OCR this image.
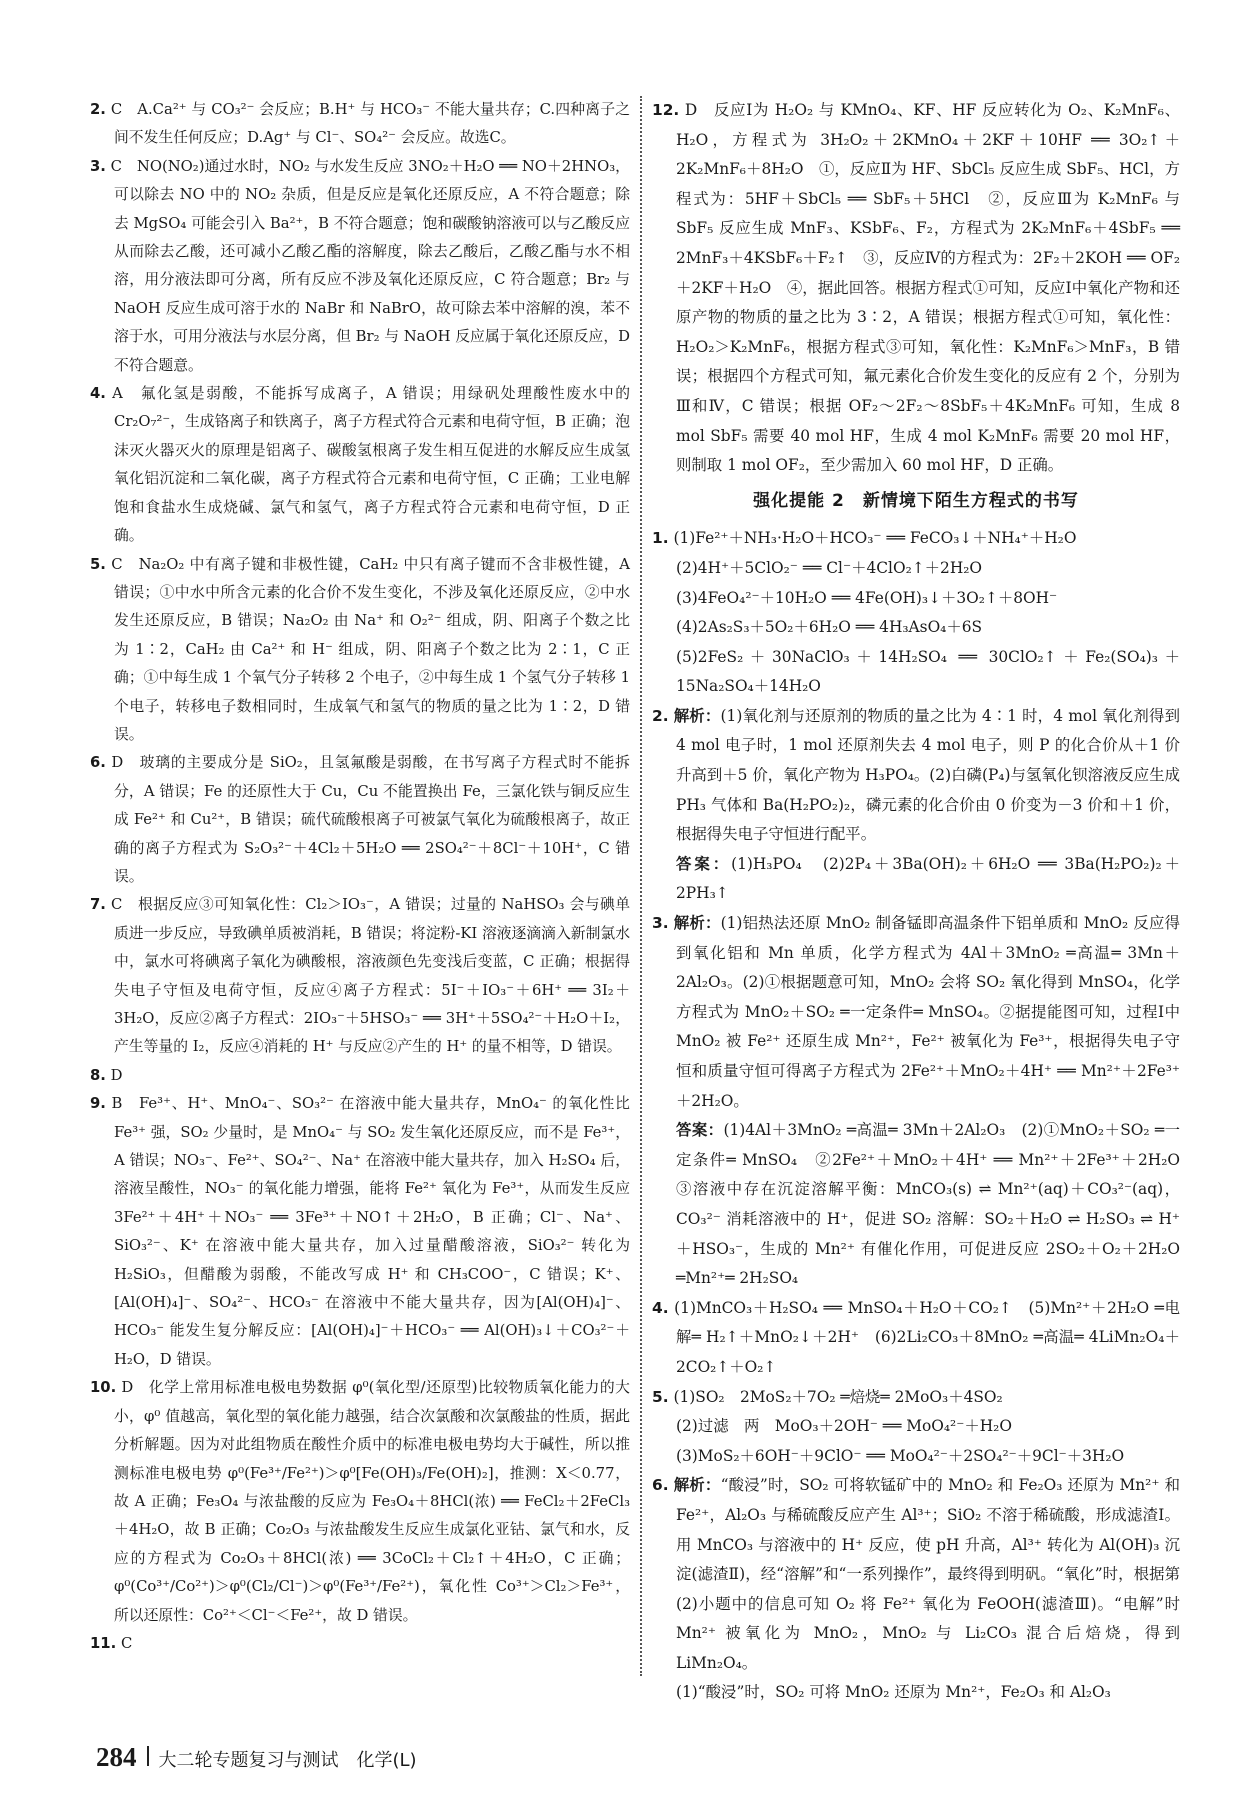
2. C　A.Ca²⁺ 与 CO₃²⁻ 会反应；B.H⁺ 与 HCO₃⁻ 不能大量共存；C.四种离子之间不发生任何反应；D.Ag⁺ 与 Cl⁻、SO₄²⁻ 会反应。故选C。

3. C　NO(NO₂)通过水时，NO₂ 与水发生反应 3NO₂＋H₂O ══ NO＋2HNO₃，可以除去 NO 中的 NO₂ 杂质，但是反应是氧化还原反应，A 不符合题意；除去 MgSO₄ 可能会引入 Ba²⁺，B 不符合题意；饱和碳酸钠溶液可以与乙酸反应从而除去乙酸，还可减小乙酸乙酯的溶解度，除去乙酸后，乙酸乙酯与水不相溶，用分液法即可分离，所有反应不涉及氧化还原反应，C 符合题意；Br₂ 与 NaOH 反应生成可溶于水的 NaBr 和 NaBrO，故可除去苯中溶解的溴，苯不溶于水，可用分液法与水层分离，但 Br₂ 与 NaOH 反应属于氧化还原反应，D 不符合题意。

4. A　氟化氢是弱酸，不能拆写成离子，A 错误；用绿矾处理酸性废水中的 Cr₂O₇²⁻，生成铬离子和铁离子，离子方程式符合元素和电荷守恒，B 正确；泡沫灭火器灭火的原理是铝离子、碳酸氢根离子发生相互促进的水解反应生成氢氧化铝沉淀和二氧化碳，离子方程式符合元素和电荷守恒，C 正确；工业电解饱和食盐水生成烧碱、氯气和氢气，离子方程式符合元素和电荷守恒，D 正确。

5. C　Na₂O₂ 中有离子键和非极性键，CaH₂ 中只有离子键而不含非极性键，A 错误；①中水中所含元素的化合价不发生变化，不涉及氧化还原反应，②中水发生还原反应，B 错误；Na₂O₂ 由 Na⁺ 和 O₂²⁻ 组成，阴、阳离子个数之比为 1∶2，CaH₂ 由 Ca²⁺ 和 H⁻ 组成，阴、阳离子个数之比为 2∶1，C 正确；①中每生成 1 个氧气分子转移 2 个电子，②中每生成 1 个氢气分子转移 1 个电子，转移电子数相同时，生成氧气和氢气的物质的量之比为 1∶2，D 错误。

6. D　玻璃的主要成分是 SiO₂，且氢氟酸是弱酸，在书写离子方程式时不能拆分，A 错误；Fe 的还原性大于 Cu，Cu 不能置换出 Fe，三氯化铁与铜反应生成 Fe²⁺ 和 Cu²⁺，B 错误；硫代硫酸根离子可被氯气氧化为硫酸根离子，故正确的离子方程式为 S₂O₃²⁻＋4Cl₂＋5H₂O ══ 2SO₄²⁻＋8Cl⁻＋10H⁺，C 错误。

7. C　根据反应③可知氧化性：Cl₂＞IO₃⁻，A 错误；过量的 NaHSO₃ 会与碘单质进一步反应，导致碘单质被消耗，B 错误；将淀粉-KI 溶液逐滴滴入新制氯水中，氯水可将碘离子氧化为碘酸根，溶液颜色先变浅后变蓝，C 正确；根据得失电子守恒及电荷守恒，反应④离子方程式：5I⁻＋IO₃⁻＋6H⁺ ══ 3I₂＋3H₂O，反应②离子方程式：2IO₃⁻＋5HSO₃⁻ ══ 3H⁺＋5SO₄²⁻＋H₂O＋I₂，产生等量的 I₂，反应④消耗的 H⁺ 与反应②产生的 H⁺ 的量不相等，D 错误。

8. D

9. B　Fe³⁺、H⁺、MnO₄⁻、SO₃²⁻ 在溶液中能大量共存，MnO₄⁻ 的氧化性比 Fe³⁺ 强，SO₂ 少量时，是 MnO₄⁻ 与 SO₂ 发生氧化还原反应，而不是 Fe³⁺，A 错误；NO₃⁻、Fe²⁺、SO₄²⁻、Na⁺ 在溶液中能大量共存，加入 H₂SO₄ 后，溶液呈酸性，NO₃⁻ 的氧化能力增强，能将 Fe²⁺ 氧化为 Fe³⁺，从而发生反应 3Fe²⁺＋4H⁺＋NO₃⁻ ══ 3Fe³⁺＋NO↑＋2H₂O，B 正确；Cl⁻、Na⁺、SiO₃²⁻、K⁺ 在溶液中能大量共存，加入过量醋酸溶液，SiO₃²⁻ 转化为 H₂SiO₃，但醋酸为弱酸，不能改写成 H⁺ 和 CH₃COO⁻，C 错误；K⁺、[Al(OH)₄]⁻、SO₄²⁻、HCO₃⁻ 在溶液中不能大量共存，因为[Al(OH)₄]⁻、HCO₃⁻ 能发生复分解反应：[Al(OH)₄]⁻＋HCO₃⁻ ══ Al(OH)₃↓＋CO₃²⁻＋H₂O，D 错误。

10. D　化学上常用标准电极电势数据 φ⁰(氧化型/还原型)比较物质氧化能力的大小，φ⁰ 值越高，氧化型的氧化能力越强，结合次氯酸和次氯酸盐的性质，据此分析解题。因为对此组物质在酸性介质中的标准电极电势均大于碱性，所以推测标准电极电势 φ⁰(Fe³⁺/Fe²⁺)＞φ⁰[Fe(OH)₃/Fe(OH)₂]，推测：X＜0.77，故 A 正确；Fe₃O₄ 与浓盐酸的反应为 Fe₃O₄＋8HCl(浓) ══ FeCl₂＋2FeCl₃＋4H₂O，故 B 正确；Co₂O₃ 与浓盐酸发生反应生成氯化亚钴、氯气和水，反应的方程式为 Co₂O₃＋8HCl(浓) ══ 3CoCl₂＋Cl₂↑＋4H₂O，C 正确；φ⁰(Co³⁺/Co²⁺)＞φ⁰(Cl₂/Cl⁻)＞φ⁰(Fe³⁺/Fe²⁺)，氧化性 Co³⁺＞Cl₂＞Fe³⁺，所以还原性：Co²⁺＜Cl⁻＜Fe²⁺，故 D 错误。

11. C

12. D　反应Ⅰ为 H₂O₂ 与 KMnO₄、KF、HF 反应转化为 O₂、K₂MnF₆、H₂O，方程式为 3H₂O₂＋2KMnO₄＋2KF＋10HF ══ 3O₂↑＋2K₂MnF₆＋8H₂O　①，反应Ⅱ为 HF、SbCl₅ 反应生成 SbF₅、HCl，方程式为：5HF＋SbCl₅ ══ SbF₅＋5HCl　②，反应Ⅲ为 K₂MnF₆ 与 SbF₅ 反应生成 MnF₃、KSbF₆、F₂，方程式为 2K₂MnF₆＋4SbF₅ ══ 2MnF₃＋4KSbF₆＋F₂↑　③，反应Ⅳ的方程式为：2F₂＋2KOH ══ OF₂＋2KF＋H₂O　④，据此回答。根据方程式①可知，反应Ⅰ中氧化产物和还原产物的物质的量之比为 3∶2，A 错误；根据方程式①可知，氧化性：H₂O₂＞K₂MnF₆，根据方程式③可知，氧化性：K₂MnF₆＞MnF₃，B 错误；根据四个方程式可知，氟元素化合价发生变化的反应有 2 个，分别为Ⅲ和Ⅳ，C 错误；根据 OF₂～2F₂～8SbF₅＋4K₂MnF₆ 可知，生成 8 mol SbF₅ 需要 40 mol HF，生成 4 mol K₂MnF₆ 需要 20 mol HF，则制取 1 mol OF₂，至少需加入 60 mol HF，D 正确。

强化提能 2　新情境下陌生方程式的书写

1. (1)Fe²⁺＋NH₃·H₂O＋HCO₃⁻ ══ FeCO₃↓＋NH₄⁺＋H₂O

(2)4H⁺＋5ClO₂⁻ ══ Cl⁻＋4ClO₂↑＋2H₂O

(3)4FeO₄²⁻＋10H₂O ══ 4Fe(OH)₃↓＋3O₂↑＋8OH⁻

(4)2As₂S₃＋5O₂＋6H₂O ══ 4H₃AsO₄＋6S

(5)2FeS₂＋30NaClO₃＋14H₂SO₄ ══ 30ClO₂↑＋Fe₂(SO₄)₃＋15Na₂SO₄＋14H₂O

2. 解析：(1)氧化剂与还原剂的物质的量之比为 4∶1 时，4 mol 氧化剂得到 4 mol 电子时，1 mol 还原剂失去 4 mol 电子，则 P 的化合价从＋1 价升高到＋5 价，氧化产物为 H₃PO₄。(2)白磷(P₄)与氢氧化钡溶液反应生成 PH₃ 气体和 Ba(H₂PO₂)₂，磷元素的化合价由 0 价变为－3 价和＋1 价，根据得失电子守恒进行配平。

答案：(1)H₃PO₄　(2)2P₄＋3Ba(OH)₂＋6H₂O ══ 3Ba(H₂PO₂)₂＋2PH₃↑

3. 解析：(1)铝热法还原 MnO₂ 制备锰即高温条件下铝单质和 MnO₂ 反应得到氧化铝和 Mn 单质，化学方程式为 4Al＋3MnO₂ ═高温═ 3Mn＋2Al₂O₃。(2)①根据题意可知，MnO₂ 会将 SO₂ 氧化得到 MnSO₄，化学方程式为 MnO₂＋SO₂ ═一定条件═ MnSO₄。②据提能图可知，过程Ⅰ中 MnO₂ 被 Fe²⁺ 还原生成 Mn²⁺，Fe²⁺ 被氧化为 Fe³⁺，根据得失电子守恒和质量守恒可得离子方程式为 2Fe²⁺＋MnO₂＋4H⁺ ══ Mn²⁺＋2Fe³⁺＋2H₂O。

答案：(1)4Al＋3MnO₂ ═高温═ 3Mn＋2Al₂O₃　(2)①MnO₂＋SO₂ ═一定条件═ MnSO₄　②2Fe²⁺＋MnO₂＋4H⁺ ══ Mn²⁺＋2Fe³⁺＋2H₂O　③溶液中存在沉淀溶解平衡：MnCO₃(s) ⇌ Mn²⁺(aq)＋CO₃²⁻(aq)，CO₃²⁻ 消耗溶液中的 H⁺，促进 SO₂ 溶解：SO₂＋H₂O ⇌ H₂SO₃ ⇌ H⁺＋HSO₃⁻，生成的 Mn²⁺ 有催化作用，可促进反应 2SO₂＋O₂＋2H₂O ═Mn²⁺═ 2H₂SO₄

4. (1)MnCO₃＋H₂SO₄ ══ MnSO₄＋H₂O＋CO₂↑　(5)Mn²⁺＋2H₂O ═电解═ H₂↑＋MnO₂↓＋2H⁺　(6)2Li₂CO₃＋8MnO₂ ═高温═ 4LiMn₂O₄＋2CO₂↑＋O₂↑

5. (1)SO₂　2MoS₂＋7O₂ ═焙烧═ 2MoO₃＋4SO₂

(2)过滤　两　MoO₃＋2OH⁻ ══ MoO₄²⁻＋H₂O

(3)MoS₂＋6OH⁻＋9ClO⁻ ══ MoO₄²⁻＋2SO₄²⁻＋9Cl⁻＋3H₂O

6. 解析：“酸浸”时，SO₂ 可将软锰矿中的 MnO₂ 和 Fe₂O₃ 还原为 Mn²⁺ 和 Fe²⁺，Al₂O₃ 与稀硫酸反应产生 Al³⁺；SiO₂ 不溶于稀硫酸，形成滤渣Ⅰ。用 MnCO₃ 与溶液中的 H⁺ 反应，使 pH 升高，Al³⁺ 转化为 Al(OH)₃ 沉淀(滤渣Ⅱ)，经“溶解”和“一系列操作”，最终得到明矾。“氧化”时，根据第(2)小题中的信息可知 O₂ 将 Fe²⁺ 氧化为 FeOOH(滤渣Ⅲ)。“电解”时 Mn²⁺ 被氧化为 MnO₂，MnO₂ 与 Li₂CO₃ 混合后焙烧，得到 LiMn₂O₄。

(1)“酸浸”时，SO₂ 可将 MnO₂ 还原为 Mn²⁺，Fe₂O₃ 和 Al₂O₃

284 大二轮专题复习与测试　化学(L)
